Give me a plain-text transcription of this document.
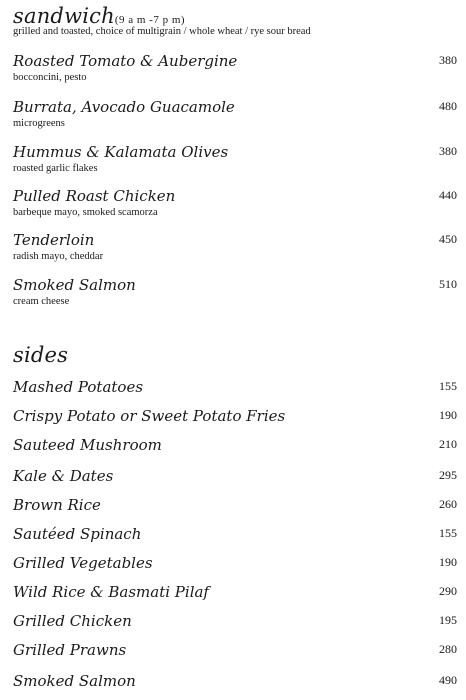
sandwich(9 a m -7 p m)
grilled and toasted, choice of multigrain / whole wheat / rye sour bread
Roasted Tomato & Aubergine
bocconcini, pesto
380
Burrata, Avocado Guacamole
microgreens
480
Hummus & Kalamata Olives
roasted garlic flakes
380
Pulled Roast Chicken
barbeque mayo, smoked scamorza
440
Tenderloin
radish mayo, cheddar
450
Smoked Salmon
cream cheese
510
sides
Mashed Potatoes	155
Crispy Potato or Sweet Potato Fries	190
Sauteed Mushroom	210
Kale & Dates	295
Brown Rice	260
Sautéed Spinach	155
Grilled Vegetables	190
Wild Rice & Basmati Pilaf	290
Grilled Chicken	195
Grilled Prawns	280
Smoked Salmon	490
